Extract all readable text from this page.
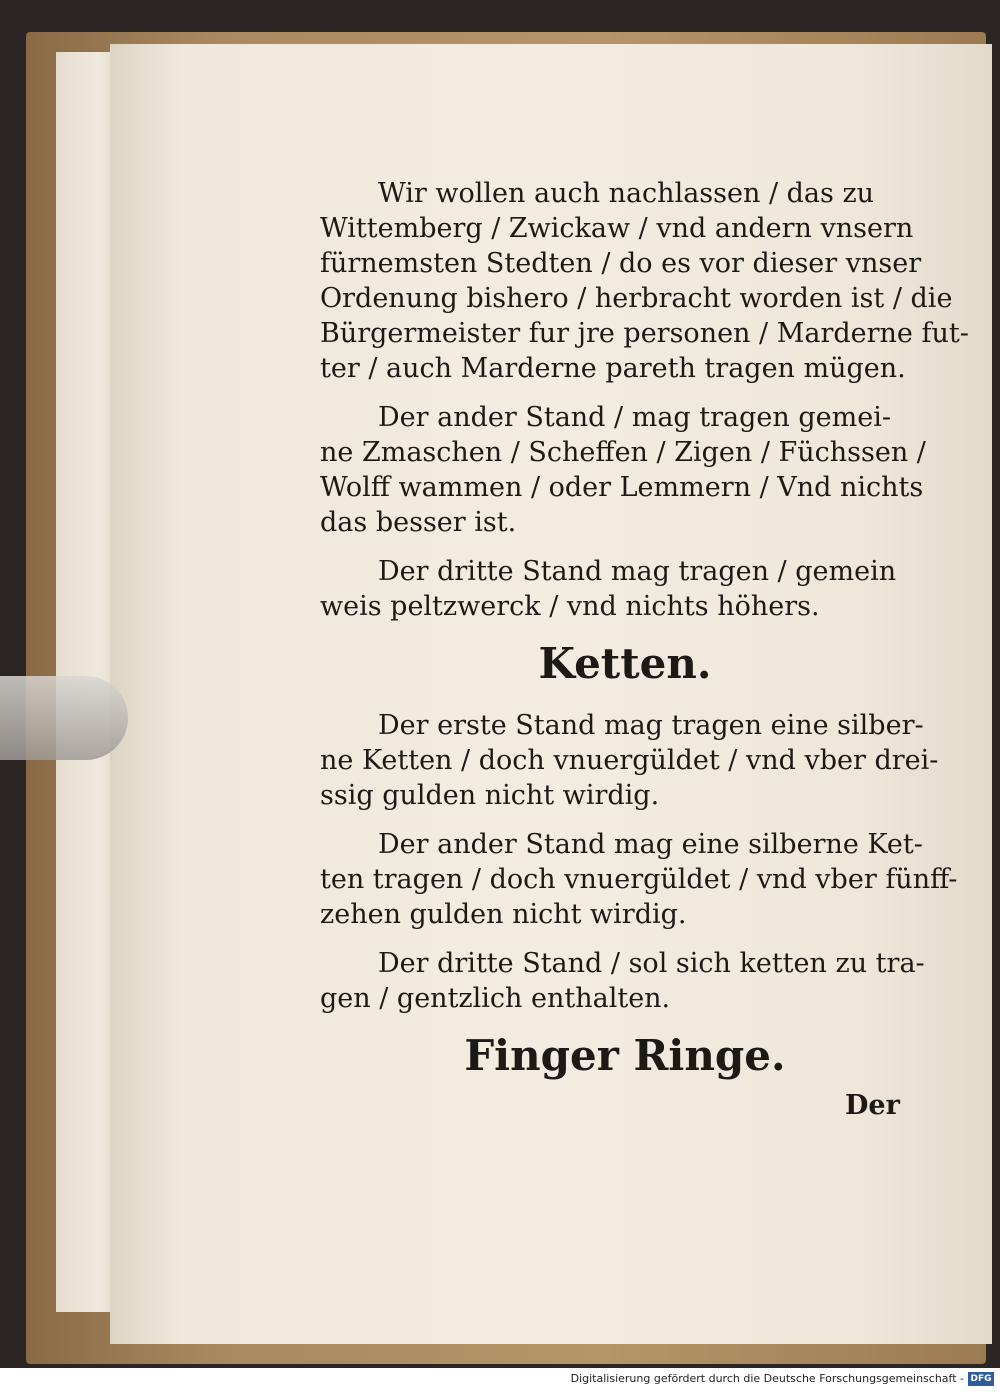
Wir wollen auch nachlassen / das zu
Wittemberg / Zwickaw / vnd andern vnsern
fürnemsten Stedten / do es vor dieser vnser
Ordenung bishero / herbracht worden ist / die
Bürgermeister fur jre personen / Marderne fut-
ter / auch Marderne pareth tragen mügen.
Der ander Stand / mag tragen gemei-
ne Zmaschen / Scheffen / Zigen / Füchssen /
Wolff wammen / oder Lemmern / Vnd nichts
das besser ist.
Der dritte Stand mag tragen / gemein
weis peltzwerck / vnd nichts höhers.
Ketten.
Der erste Stand mag tragen eine silber-
ne Ketten / doch vnuergüldet / vnd vber drei-
ssig gulden nicht wirdig.
Der ander Stand mag eine silberne Ket-
ten tragen / doch vnuergüldet / vnd vber fünff-
zehen gulden nicht wirdig.
Der dritte Stand / sol sich ketten zu tra-
gen / gentzlich enthalten.
Finger Ringe.
Der
Digitalisierung gefördert durch die Deutsche Forschungsgemeinschaft - DFG
